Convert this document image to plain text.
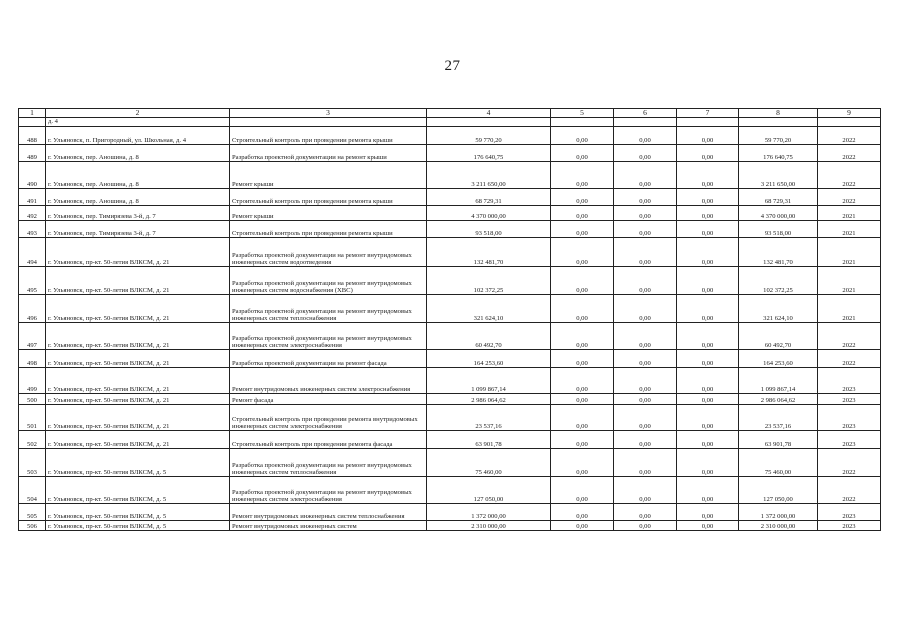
27
1	2	3	4	5	6	7	8	9
	д. 4							
488	г. Ульяновск, п. Пригородный, ул. Школьная, д. 4	Строительный контроль при проведении ремонта крыши	59 770,20	0,00	0,00	0,00	59 770,20	2022
489	г. Ульяновск, пер. Аношина, д. 8	Разработка проектной документации на ремонт крыши	176 640,75	0,00	0,00	0,00	176 640,75	2022
490	г. Ульяновск, пер. Аношина, д. 8	Ремонт крыши	3 211 650,00	0,00	0,00	0,00	3 211 650,00	2022
491	г. Ульяновск, пер. Аношина, д. 8	Строительный контроль при проведении ремонта крыши	68 729,31	0,00	0,00	0,00	68 729,31	2022
492	г. Ульяновск, пер. Тимирязева 3-й, д. 7	Ремонт крыши	4 370 000,00	0,00	0,00	0,00	4 370 000,00	2021
493	г. Ульяновск, пер. Тимирязева 3-й, д. 7	Строительный контроль при проведении ремонта крыши	93 518,00	0,00	0,00	0,00	93 518,00	2021
494	г. Ульяновск, пр-кт. 50-летия ВЛКСМ, д. 21	Разработка проектной документации на ремонт внутридомовых инженерных систем водоотведения	132 481,70	0,00	0,00	0,00	132 481,70	2021
495	г. Ульяновск, пр-кт. 50-летия ВЛКСМ, д. 21	Разработка проектной документации на ремонт внутридомовых инженерных систем водоснабжения (ХВС)	102 372,25	0,00	0,00	0,00	102 372,25	2021
496	г. Ульяновск, пр-кт. 50-летия ВЛКСМ, д. 21	Разработка проектной документации на ремонт внутридомовых инженерных систем теплоснабжения	321 624,10	0,00	0,00	0,00	321 624,10	2021
497	г. Ульяновск, пр-кт. 50-летия ВЛКСМ, д. 21	Разработка проектной документации на ремонт внутридомовых инженерных систем электроснабжения	60 492,70	0,00	0,00	0,00	60 492,70	2022
498	г. Ульяновск, пр-кт. 50-летия ВЛКСМ, д. 21	Разработка проектной документации на ремонт фасада	164 253,60	0,00	0,00	0,00	164 253,60	2022
499	г. Ульяновск, пр-кт. 50-летия ВЛКСМ, д. 21	Ремонт внутридомовых инженерных систем электроснабжения	1 099 867,14	0,00	0,00	0,00	1 099 867,14	2023
500	г. Ульяновск, пр-кт. 50-летия ВЛКСМ, д. 21	Ремонт фасада	2 986 064,62	0,00	0,00	0,00	2 986 064,62	2023
501	г. Ульяновск, пр-кт. 50-летия ВЛКСМ, д. 21	Строительный контроль при проведении ремонта внутридомовых инженерных систем электроснабжения	23 537,16	0,00	0,00	0,00	23 537,16	2023
502	г. Ульяновск, пр-кт. 50-летия ВЛКСМ, д. 21	Строительный контроль при проведении ремонта фасада	63 901,78	0,00	0,00	0,00	63 901,78	2023
503	г. Ульяновск, пр-кт. 50-летия ВЛКСМ, д. 5	Разработка проектной документации на ремонт внутридомовых инженерных систем теплоснабжения	75 460,00	0,00	0,00	0,00	75 460,00	2022
504	г. Ульяновск, пр-кт. 50-летия ВЛКСМ, д. 5	Разработка проектной документации на ремонт внутридомовых инженерных систем электроснабжения	127 050,00	0,00	0,00	0,00	127 050,00	2022
505	г. Ульяновск, пр-кт. 50-летия ВЛКСМ, д. 5	Ремонт внутридомовых инженерных систем теплоснабжения	1 372 000,00	0,00	0,00	0,00	1 372 000,00	2023
506	г. Ульяновск, пр-кт. 50-летия ВЛКСМ, д. 5	Ремонт внутридомовых инженерных систем	2 310 000,00	0,00	0,00	0,00	2 310 000,00	2023
